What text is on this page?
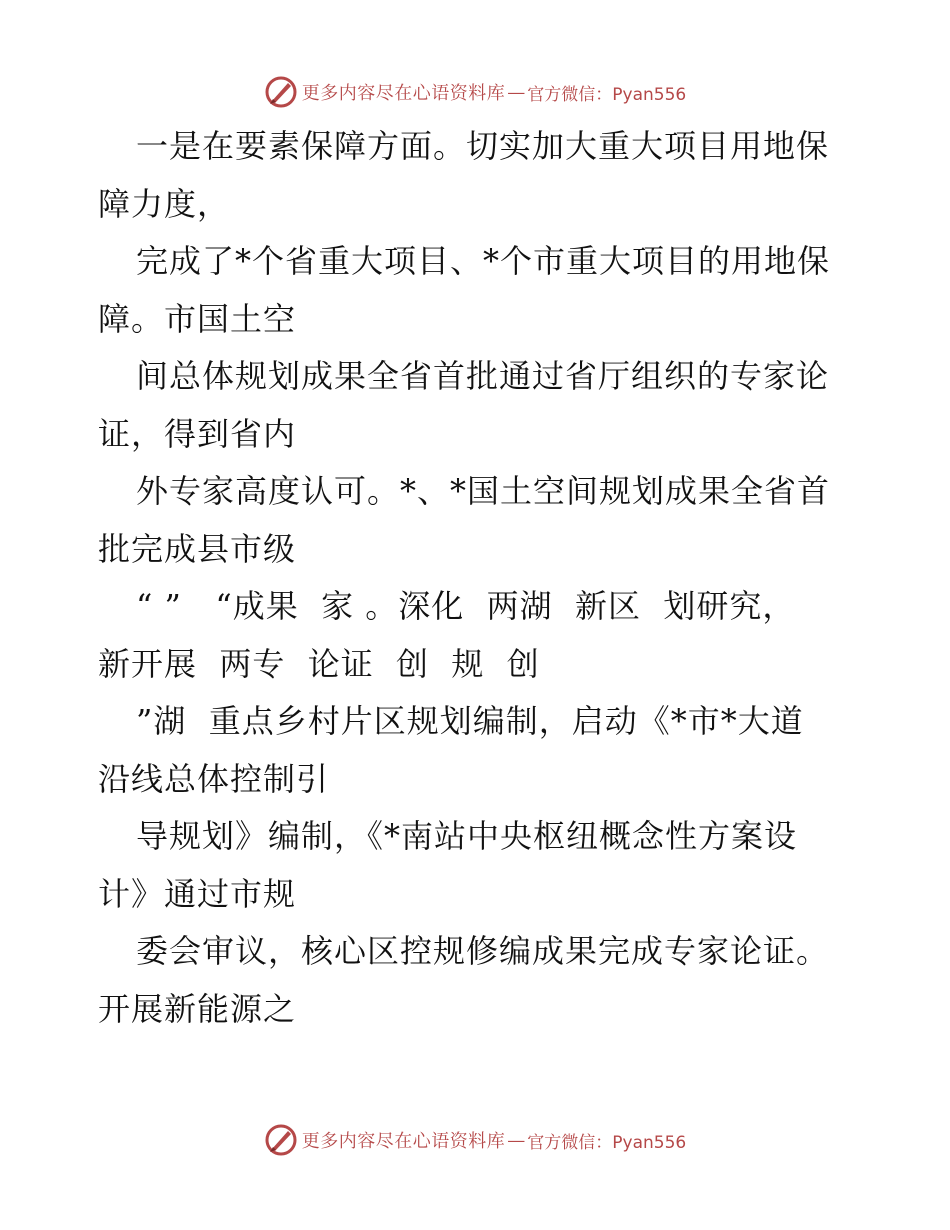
更多内容尽在心语资料库 — 官方微信：Pyan556
一是在要素保障方面。切实加大重大项目用地保
障力度，
完成了*个省重大项目、*个市重大项目的用地保
障。市国土空
间总体规划成果全省首批通过省厅组织的专家论
证，得到省内
外专家高度认可。*、*国土空间规划成果全省首
批完成县市级
“ ”   “成果  家 。深化  两湖  新区  划研究，
新开展  两专  论证  创  规  创
”湖  重点乡村片区规划编制，启动《*市*大道
沿线总体控制引
导规划》编制，《*南站中央枢纽概念性方案设
计》通过市规
委会审议，核心区控规修编成果完成专家论证。
开展新能源之
更多内容尽在心语资料库 — 官方微信：Pyan556
